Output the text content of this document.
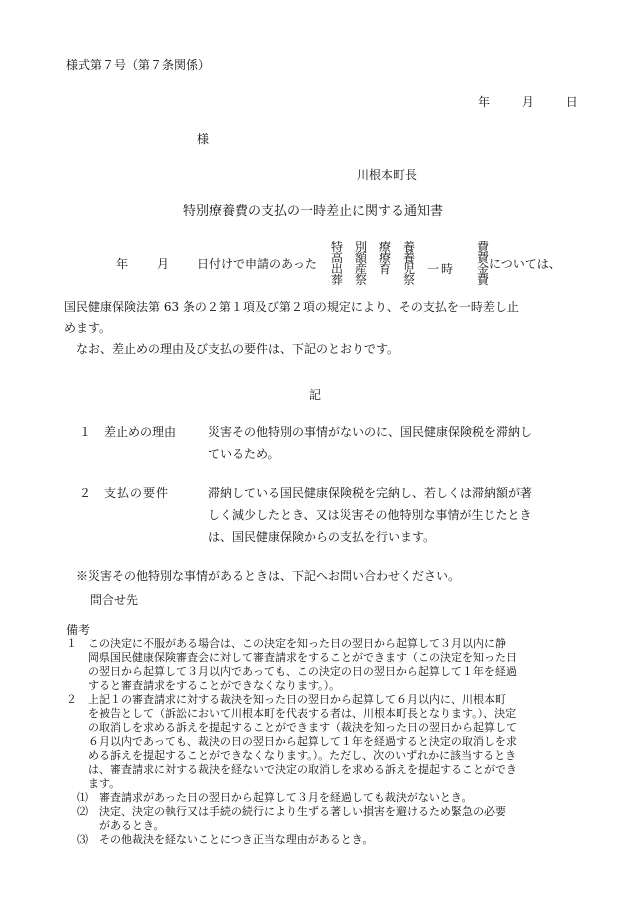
様式第７号（第７条関係）
年	月	日
様
川根本町長
特別療養費の支払の一時差止に関する通知書
年 月 日付けで申請のあった
特
高
出
葬
別
額
産
祭
療
療
育
養
養
児
祭
一 時
費
費
金
費
については、
国民健康保険法第 63 条の２第１項及び第２項の規定により、その支払を一時差し止
めます。
　なお、差止めの理由及び支払の要件は、下記のとおりです。
記
１ 差止めの理由	災害その他特別の事情がないのに、国民健康保険税を滞納し
ているため。
２ 支払の要件	滞納している国民健康保険税を完納し、若しくは滞納額が著
しく減少したとき、又は災害その他特別な事情が生じたとき
は、国民健康保険からの支払を行います。
※災害その他特別な事情があるときは、下記へお問い合わせください。
問合せ先
備考

１　この決定に不服がある場合は、この決定を知った日の翌日から起算して３月以内に静

　　岡県国民健康保険審査会に対して審査請求をすることができます（この決定を知った日

　　の翌日から起算して３月以内であっても、この決定の日の翌日から起算して１年を経過

　　すると審査請求をすることができなくなります。）。

２　上記１の審査請求に対する裁決を知った日の翌日から起算して６月以内に、川根本町

　　を被告として（訴訟において川根本町を代表する者は、川根本町長となります。）、決定

　　の取消しを求める訴えを提起することができます（裁決を知った日の翌日から起算して

　　６月以内であっても、裁決の日の翌日から起算して１年を経過すると決定の取消しを求

　　める訴えを提起することができなくなります。）。ただし、次のいずれかに該当するとき

　　は、審査請求に対する裁決を経ないで決定の取消しを求める訴えを提起することができ

　　ます。

　⑴　審査請求があった日の翌日から起算して３月を経過しても裁決がないとき。

　⑵　決定、決定の執行又は手続の続行により生ずる著しい損害を避けるため緊急の必要

　　　があるとき。

　⑶　その他裁決を経ないことにつき正当な理由があるとき。
